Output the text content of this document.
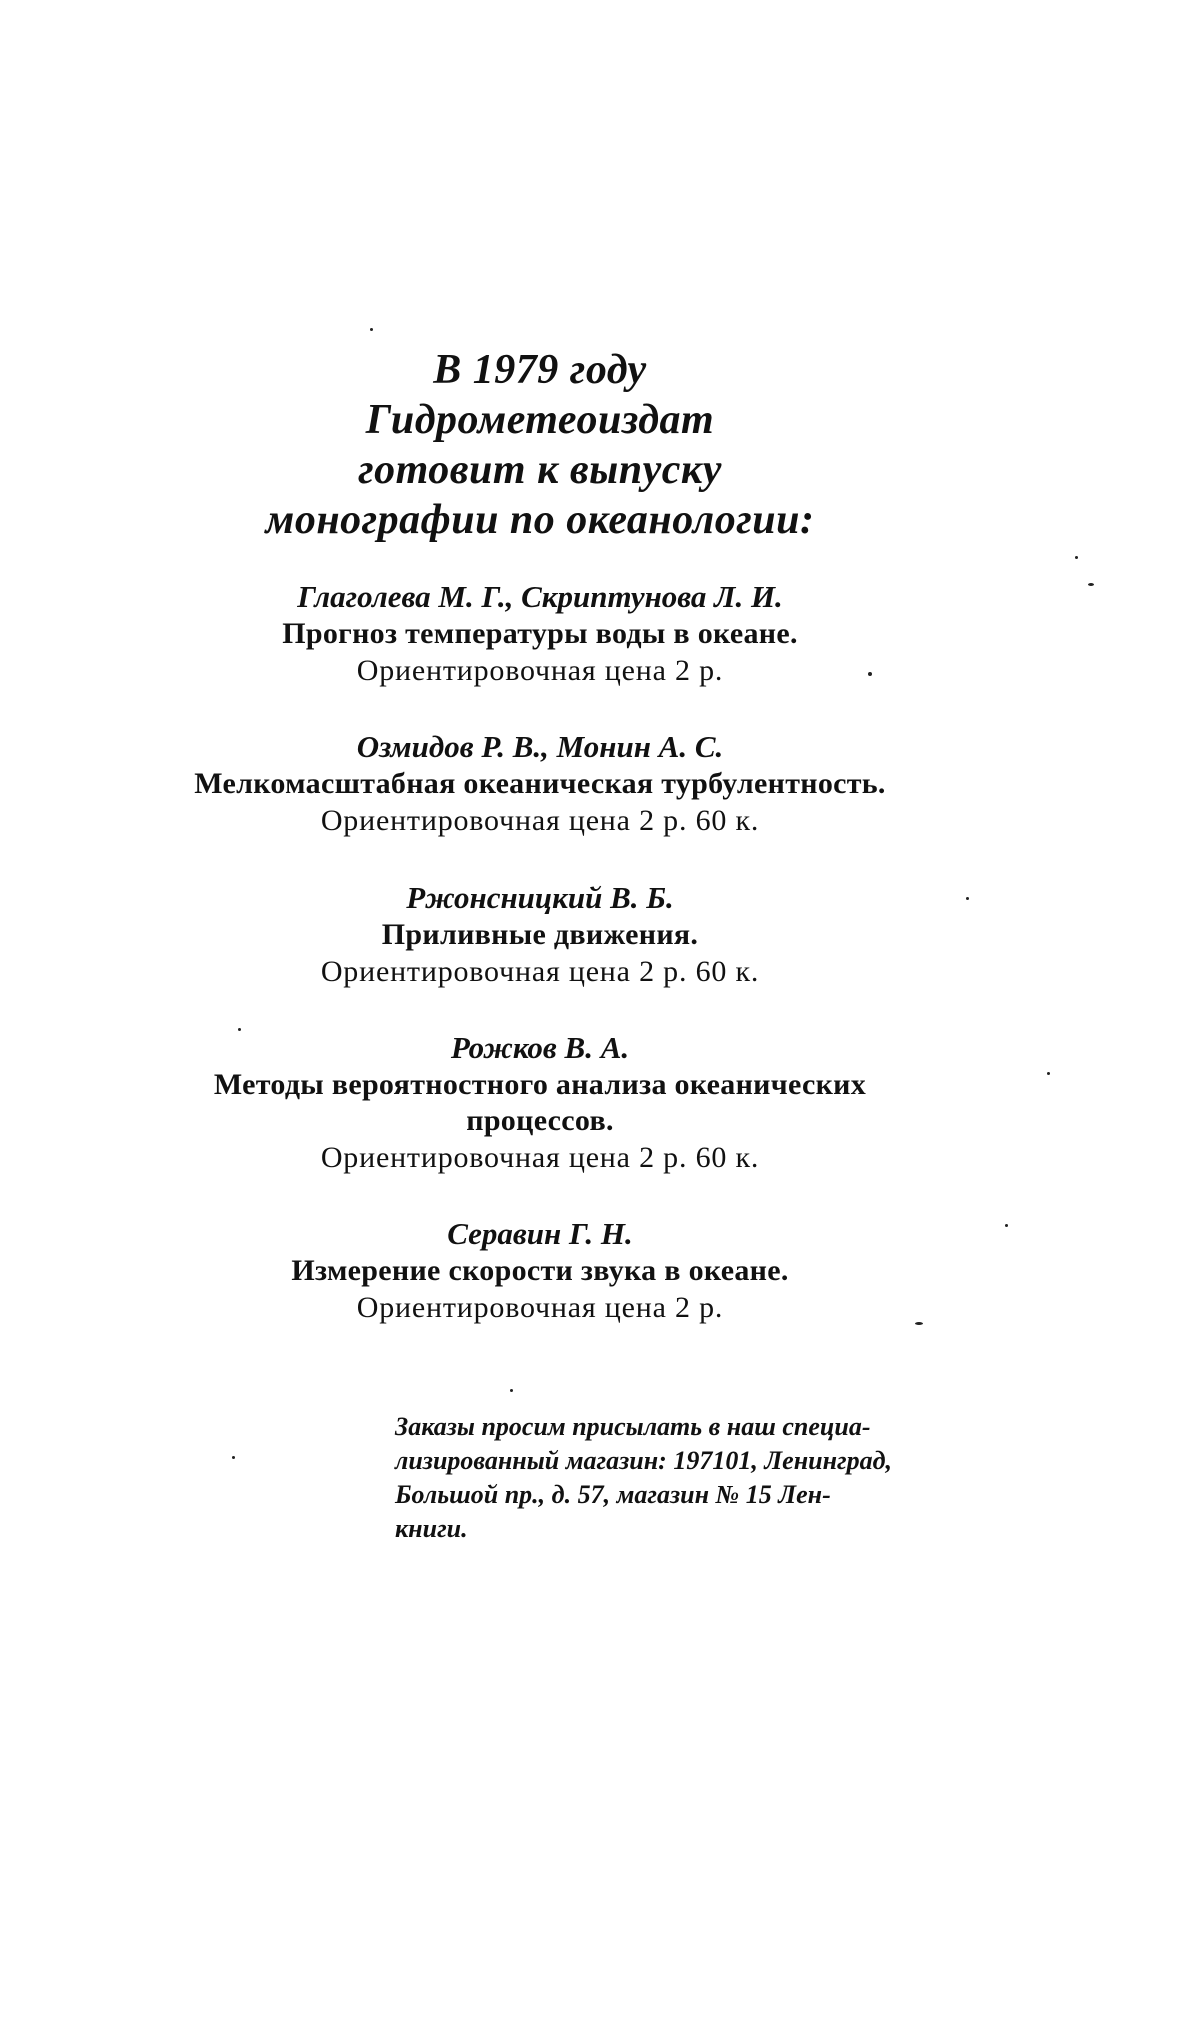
В 1979 году
Гидрометеоиздат
готовит к выпуску
монографии по океанологии:
Глаголева М. Г., Скриптунова Л. И.
Прогноз температуры воды в океане.
Ориентировочная цена 2 р.
Озмидов Р. В., Монин А. С.
Мелкомасштабная океаническая турбулентность.
Ориентировочная цена 2 р. 60 к.
Ржонсницкий В. Б.
Приливные движения.
Ориентировочная цена 2 р. 60 к.
Рожков В. А.
Методы вероятностного анализа океанических
процессов.
Ориентировочная цена 2 р. 60 к.
Серавин Г. Н.
Измерение скорости звука в океане.
Ориентировочная цена 2 р.
Заказы просим присылать в наш специа-
лизированный магазин: 197101, Ленинград,
Большой пр., д. 57, магазин № 15 Лен-
книги.
